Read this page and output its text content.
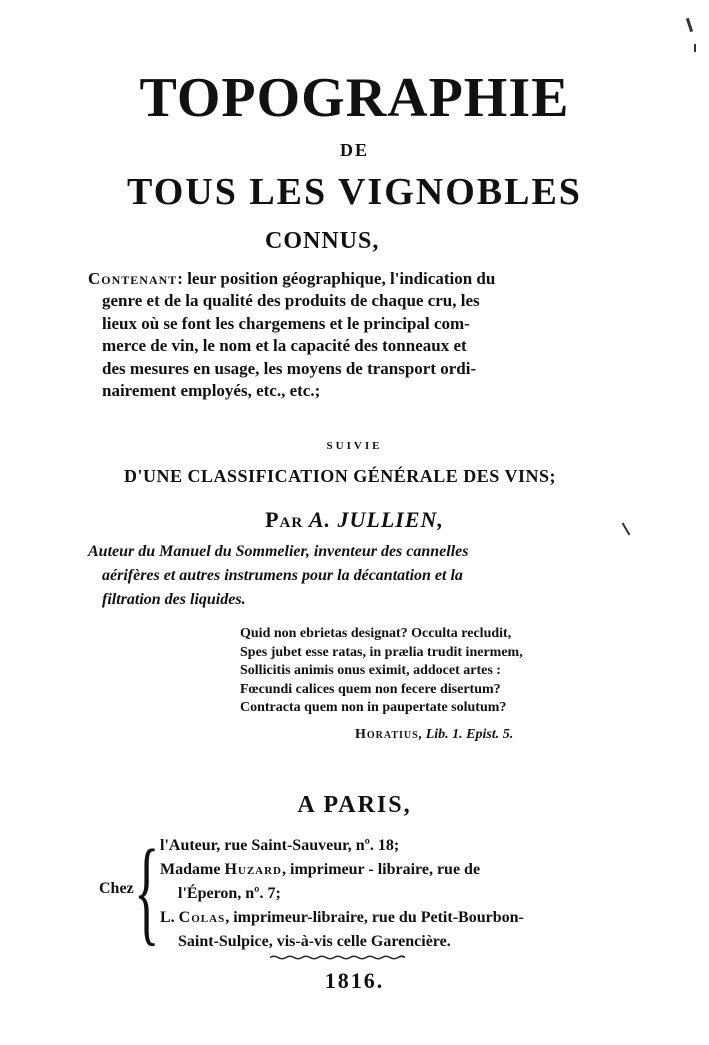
TOPOGRAPHIE
DE
TOUS LES VIGNOBLES
CONNUS,
Contenant: leur position géographique, l'indication du
genre et de la qualité des produits de chaque cru, les
lieux où se font les chargemens et le principal com-
merce de vin, le nom et la capacité des tonneaux et
des mesures en usage, les moyens de transport ordi-
nairement employés, etc., etc.;
SUIVIE
D'UNE CLASSIFICATION GÉNÉRALE DES VINS;
Par A. JULLIEN,
Auteur du Manuel du Sommelier, inventeur des cannelles
aérifères et autres instrumens pour la décantation et la
filtration des liquides.
Quid non ebrietas designat? Occulta recludit,
Spes jubet esse ratas, in prælia trudit inermem,
Sollicitis animis onus eximit, addocet artes :
Fœcundi calices quem non fecere disertum?
Contracta quem non in paupertate solutum?
Horatius, Lib. 1. Epist. 5.
A PARIS,
Chez { l'Auteur, rue Saint-Sauveur, nº. 18;
Madame Huzard, imprimeur - libraire, rue de
l'Éperon, nº. 7;
L. Colas, imprimeur-libraire, rue du Petit-Bourbon-
Saint-Sulpice, vis-à-vis celle Garencière.
1816.
